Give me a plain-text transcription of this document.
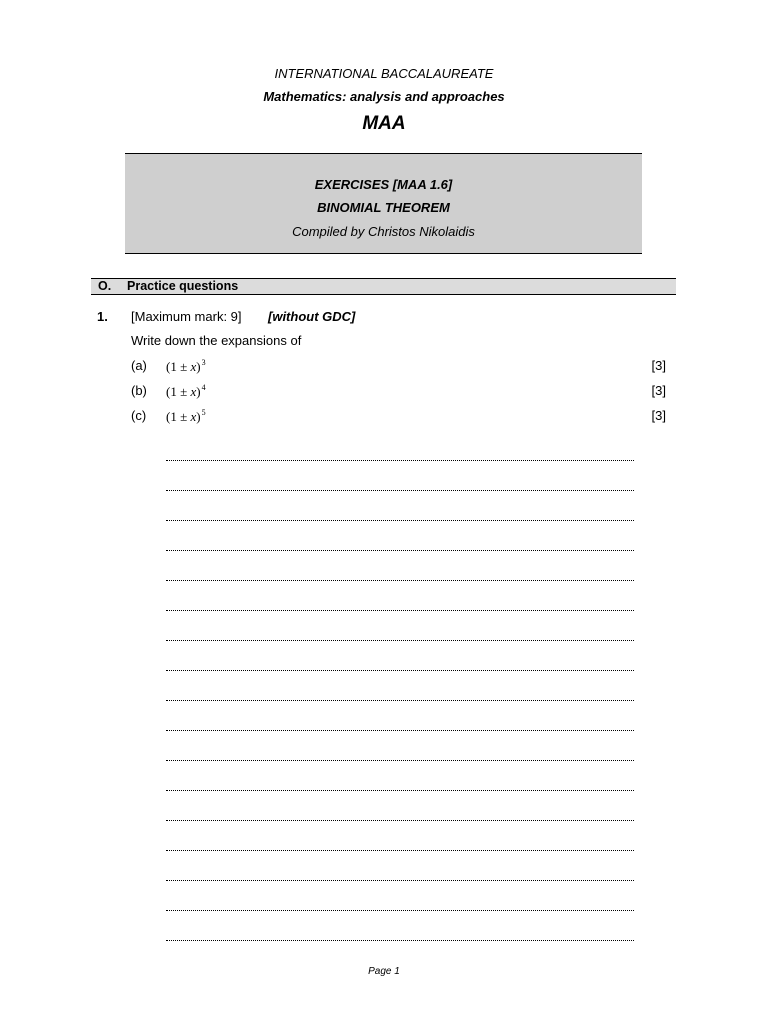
INTERNATIONAL BACCALAUREATE
Mathematics: analysis and approaches
MAA
EXERCISES [MAA 1.6]
BINOMIAL THEOREM
Compiled by Christos Nikolaidis
O. Practice questions
1. [Maximum mark: 9] [without GDC]
Write down the expansions of
(a) $(1 \pm x)^3$	[3]
(b) $(1 \pm x)^4$	[3]
(c) $(1 \pm x)^5$	[3]
Page 1
